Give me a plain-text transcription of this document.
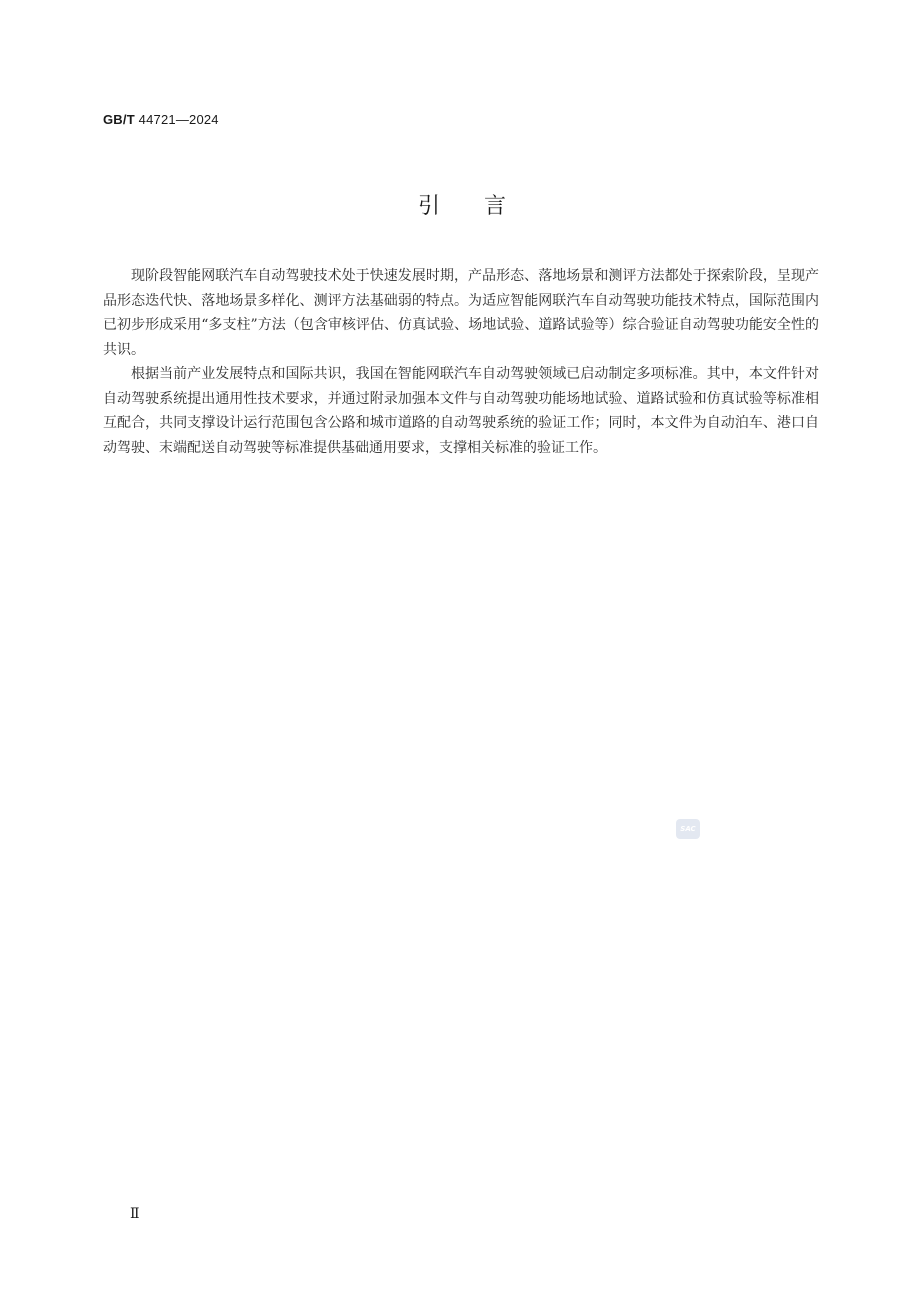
GB/T 44721—2024
引言

现阶段智能网联汽车自动驾驶技术处于快速发展时期，产品形态、落地场景和测评方法都处于探索阶段，呈现产品形态迭代快、落地场景多样化、测评方法基础弱的特点。为适应智能网联汽车自动驾驶功能技术特点，国际范围内已初步形成采用“多支柱”方法（包含审核评估、仿真试验、场地试验、道路试验等）综合验证自动驾驶功能安全性的共识。

根据当前产业发展特点和国际共识，我国在智能网联汽车自动驾驶领域已启动制定多项标准。其中，本文件针对自动驾驶系统提出通用性技术要求，并通过附录加强本文件与自动驾驶功能场地试验、道路试验和仿真试验等标准相互配合，共同支撑设计运行范围包含公路和城市道路的自动驾驶系统的验证工作；同时，本文件为自动泊车、港口自动驾驶、末端配送自动驾驶等标准提供基础通用要求，支撑相关标准的验证工作。

SAC
Ⅱ
